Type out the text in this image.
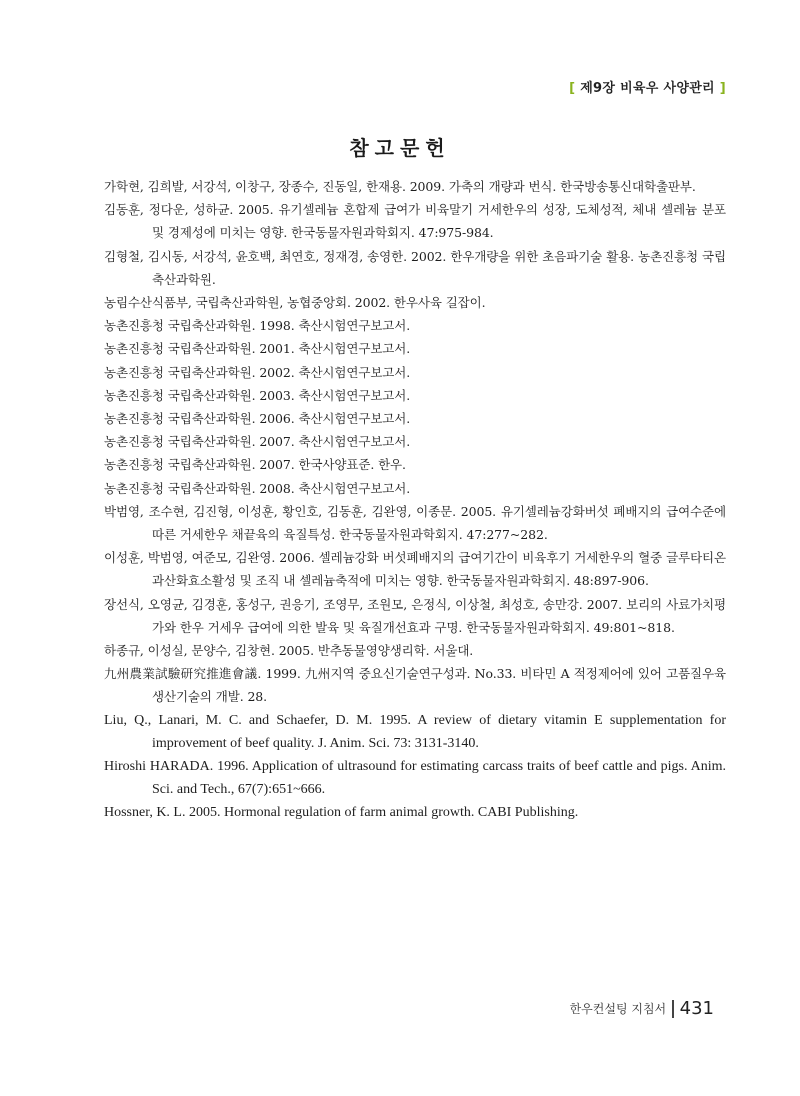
[ 제9장 비육우 사양관리 ]
참고문헌
가학현, 김희발, 서강석, 이창구, 장종수, 진동일, 한재용. 2009. 가축의 개량과 번식. 한국방송통신대학출판부.
김동훈, 정다운, 성하균. 2005. 유기셀레늄 혼합제 급여가 비육말기 거세한우의 성장, 도체성적, 체내 셀레늄 분포 및 경제성에 미치는 영향. 한국동물자원과학회지. 47:975-984.
김형철, 김시동, 서강석, 윤호백, 최연호, 정재경, 송영한. 2002. 한우개량을 위한 초음파기술 활용. 농촌진흥청 국립축산과학원.
농림수산식품부, 국립축산과학원, 농협중앙회. 2002. 한우사육 길잡이.
농촌진흥청 국립축산과학원. 1998. 축산시험연구보고서.
농촌진흥청 국립축산과학원. 2001. 축산시험연구보고서.
농촌진흥청 국립축산과학원. 2002. 축산시험연구보고서.
농촌진흥청 국립축산과학원. 2003. 축산시험연구보고서.
농촌진흥청 국립축산과학원. 2006. 축산시험연구보고서.
농촌진흥청 국립축산과학원. 2007. 축산시험연구보고서.
농촌진흥청 국립축산과학원. 2007. 한국사양표준. 한우.
농촌진흥청 국립축산과학원. 2008. 축산시험연구보고서.
박범영, 조수현, 김진형, 이성훈, 황인호, 김동훈, 김완영, 이종문. 2005. 유기셀레늄강화버섯 폐배지의 급여수준에 따른 거세한우 채끝육의 육질특성. 한국동물자원과학회지. 47:277~282.
이성훈, 박범영, 여준모, 김완영. 2006. 셀레늄강화 버섯폐배지의 급여기간이 비육후기 거세한우의 혈중 글루타티온 과산화효소활성 및 조직 내 셀레늄축적에 미치는 영향. 한국동물자원과학회지. 48:897-906.
장선식, 오영균, 김경훈, 홍성구, 권응기, 조영무, 조원모, 은정식, 이상철, 최성호, 송만강. 2007. 보리의 사료가치평가와 한우 거세우 급여에 의한 발육 및 육질개선효과 구명. 한국동물자원과학회지. 49:801~818.
하종규, 이성실, 문양수, 김창현. 2005. 반추동물영양생리학. 서울대.
九州農業試驗研究推進會議. 1999. 九州지역 중요신기술연구성과. No.33. 비타민 A 적정제어에 있어 고품질우육 생산기술의 개발. 28.
Liu, Q., Lanari, M. C. and Schaefer, D. M. 1995. A review of dietary vitamin E supplementation for improvement of beef quality. J. Anim. Sci. 73: 3131-3140.
Hiroshi HARADA. 1996. Application of ultrasound for estimating carcass traits of beef cattle and pigs. Anim. Sci. and Tech., 67(7):651~666.
Hossner, K. L. 2005. Hormonal regulation of farm animal growth. CABI Publishing.
한우컨설팅 지침서 431
